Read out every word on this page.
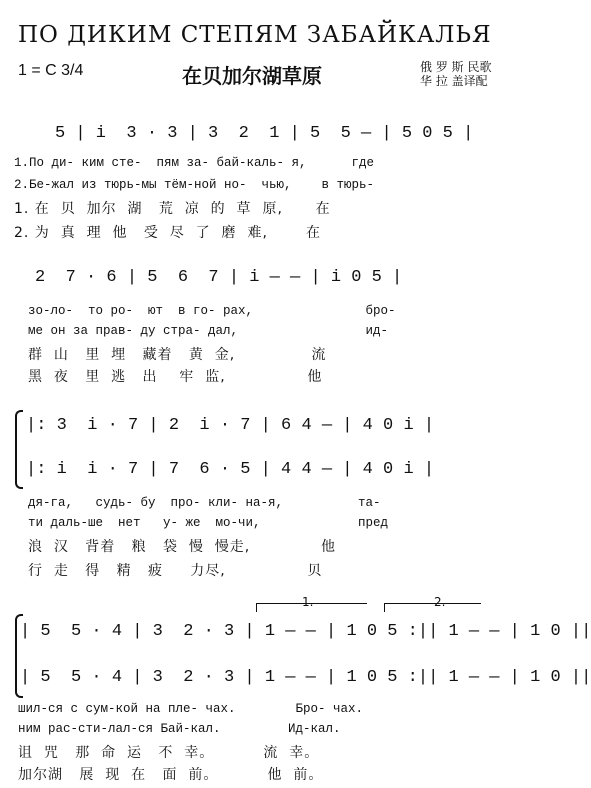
ПО ДИКИМ СТЕПЯМ ЗАБАЙКАЛЬЯ
1 = C 3/4	在贝加尔湖草原	俄 罗 斯 民歌
华 拉 盖译配
5 | i  3 · 3 | 3  2  1 | 5  5 — | 5 0 5 |
1.По ди- ким сте-  пям за- бай-каль- я,      где
2.Бе-жал из тюрь-мы тём-ной но-  чью,    в тюрь-
1. 在  贝  加尔  湖   荒  凉  的  草  原,      在
2. 为  真  理  他   受  尽  了  磨  难,       在
2  7 · 6 | 5  6  7 | i — — | i 0 5 |
зо-ло-  то ро-  ют  в го- рах,               бро-
ме он за прав- ду стра- дал,                 ид-
群  山   里  埋   藏着   黄  金,              流
黑  夜   里  逃   出    牢  监,               他
|: 3  i · 7 | 2  i · 7 | 6 4 — | 4 0 i |
|: i  i · 7 | 7  6 · 5 | 4 4 — | 4 0 i |
дя-га,   судь- бу  про- кли- на-я,          та-
ти даль-ше  нет   у- же  мо-чи,             пред
浪  汉   背着   粮   袋  慢  慢走,             他
行  走   得   精   疲     力尽,               贝
1.	2.
| 5  5 · 4 | 3  2 · 3 | 1 — — | 1 0 5 :|| 1 — — | 1 0 ||
| 5  5 · 4 | 3  2 · 3 | 1 — — | 1 0 5 :|| 1 — — | 1 0 ||
шил-ся с сум-кой на пле- чах.        Бро- чах.
ним рас-сти-лал-ся Бай-кал.         Ид-кал.
诅  咒   那  命  运   不  幸。         流  幸。
加尔湖   展  现  在   面  前。         他  前。
